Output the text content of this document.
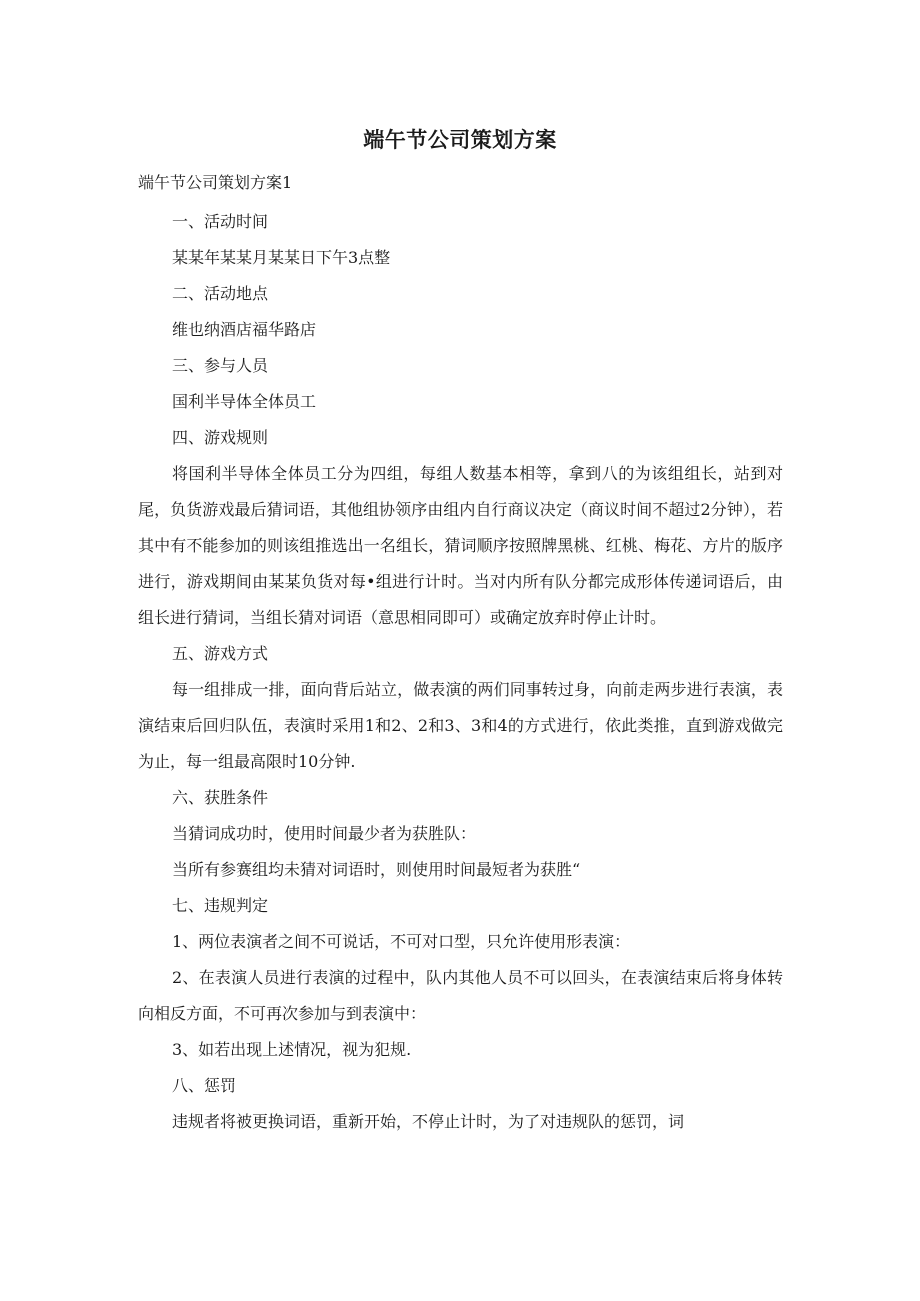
端午节公司策划方案
端午节公司策划方案1

一、活动时间

某某年某某月某某日下午3点整

二、活动地点

维也纳酒店福华路店

三、参与人员

国利半导体全体员工

四、游戏规则

将国利半导体全体员工分为四组，每组人数基本相等，拿到八的为该组组长，站到对尾，负货游戏最后猜词语，其他组协领序由组内自行商议决定（商议时间不超过2分钟），若其中有不能参加的则该组推选出一名组长，猜词顺序按照牌黑桃、红桃、梅花、方片的版序进行，游戏期间由某某负货对每•组进行计时。当对内所有队分都完成形体传递词语后，由组长进行猜词，当组长猜对词语（意思相同即可）或确定放弃时停止计时。

五、游戏方式

每一组排成一排，面向背后站立，做表演的两们同事转过身，向前走两步进行表演，表演结束后回归队伍，表演时采用1和2、2和3、3和4的方式进行，依此类推，直到游戏做完为止，每一组最高限时10分钟.

六、获胜条件

当猜词成功时，使用时间最少者为获胜队：

当所有参赛组均未猜对词语时，则使用时间最短者为获胜“

七、违规判定

1、两位表演者之间不可说话，不可对口型，只允许使用形表演：

2、在表演人员进行表演的过程中，队内其他人员不可以回头，在表演结束后将身体转向相反方面，不可再次参加与到表演中：

3、如若出现上述情况，视为犯规.

八、惩罚

违规者将被更换词语，重新开始，不停止计时，为了对违规队的惩罚，词
